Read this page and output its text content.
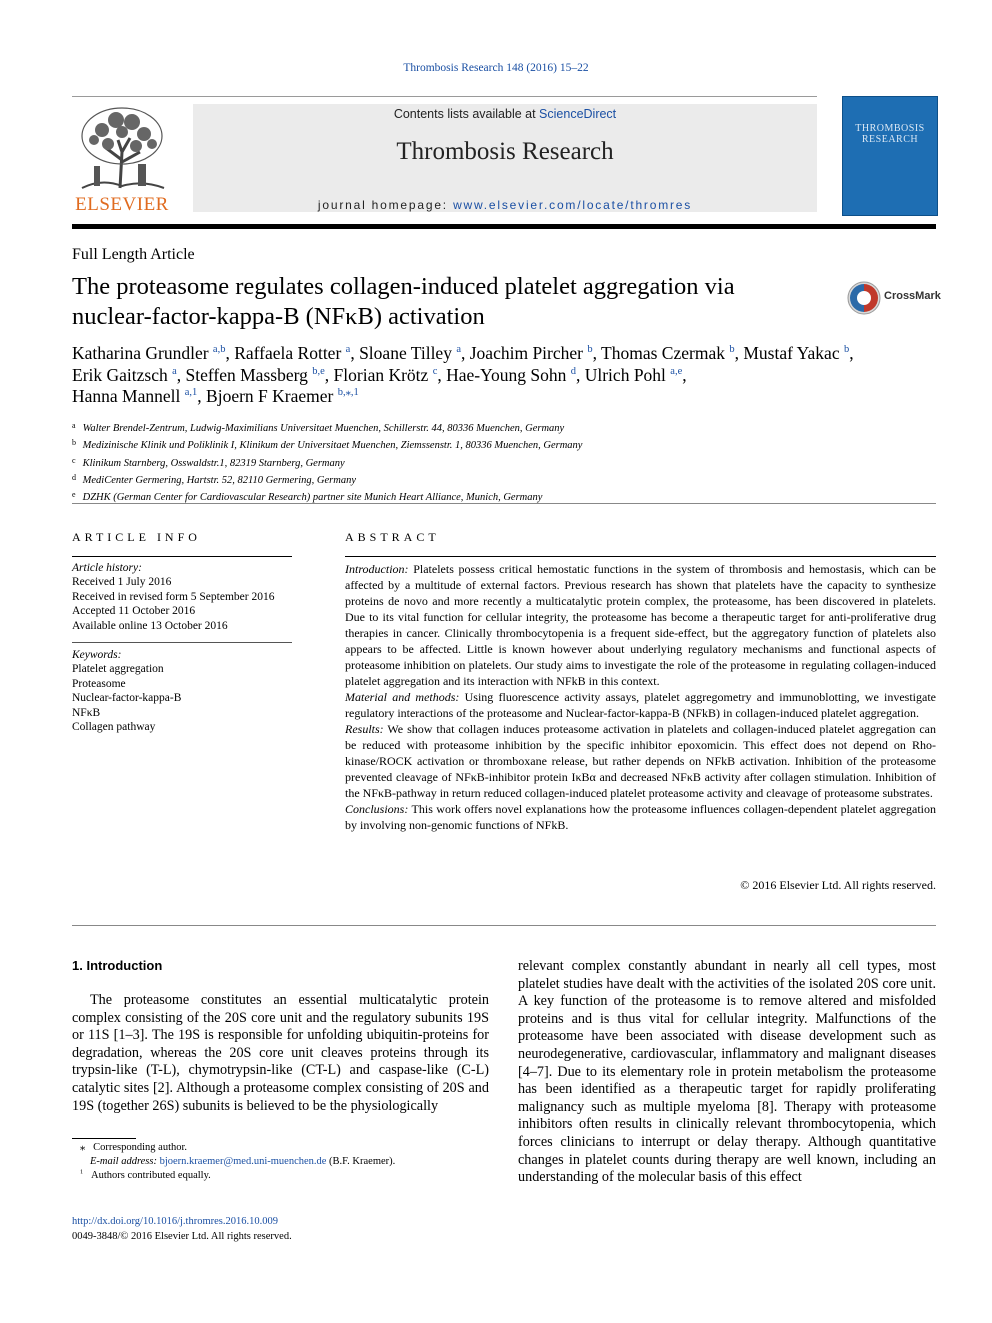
Thrombosis Research 148 (2016) 15–22
ELSEVIER
Contents lists available at ScienceDirect
Thrombosis Research
journal homepage: www.elsevier.com/locate/thromres
THROMBOSIS RESEARCH
Full Length Article
The proteasome regulates collagen-induced platelet aggregation via
nuclear-factor-kappa-B (NFκB) activation
CrossMark
Katharina Grundler $^{a,b}$, Raffaela Rotter $^a$, Sloane Tilley $^a$, Joachim Pircher $^b$, Thomas Czermak $^b$, Mustaf Yakac $^b$,
Erik Gaitzsch $^a$, Steffen Massberg $^{b,e}$, Florian Krötz $^c$, Hae-Young Sohn $^d$, Ulrich Pohl $^{a,e}$,
Hanna Mannell $^{a,1}$, Bjoern F Kraemer $^{b,⁎,1}$
a Walter Brendel-Zentrum, Ludwig-Maximilians Universitaet Muenchen, Schillerstr. 44, 80336 Muenchen, Germany
b Medizinische Klinik und Poliklinik I, Klinikum der Universitaet Muenchen, Ziemssenstr. 1, 80336 Muenchen, Germany
c Klinikum Starnberg, Osswaldstr.1, 82319 Starnberg, Germany
d MediCenter Germering, Hartstr. 52, 82110 Germering, Germany
e DZHK (German Center for Cardiovascular Research) partner site Munich Heart Alliance, Munich, Germany
ARTICLE INFO
Article history:
Received 1 July 2016
Received in revised form 5 September 2016
Accepted 11 October 2016
Available online 13 October 2016
Keywords:
Platelet aggregation
Proteasome
Nuclear-factor-kappa-B
NFκB
Collagen pathway
ABSTRACT

Introduction: Platelets possess critical hemostatic functions in the system of thrombosis and hemostasis, which can be affected by a multitude of external factors. Previous research has shown that platelets have the capacity to synthesize proteins de novo and more recently a multicatalytic protein complex, the proteasome, has been discovered in platelets. Due to its vital function for cellular integrity, the proteasome has become a therapeutic target for anti-proliferative drug therapies in cancer. Clinically thrombocytopenia is a frequent side-effect, but the aggregatory function of platelets also appears to be affected. Little is known however about underlying regulatory mechanisms and functional aspects of proteasome inhibition on platelets. Our study aims to investigate the role of the proteasome in regulating collagen-induced platelet aggregation and its interaction with NFkB in this context.

Material and methods: Using fluorescence activity assays, platelet aggregometry and immunoblotting, we investigate regulatory interactions of the proteasome and Nuclear-factor-kappa-B (NFkB) in collagen-induced platelet aggregation.

Results: We show that collagen induces proteasome activation in platelets and collagen-induced platelet aggregation can be reduced with proteasome inhibition by the specific inhibitor epoxomicin. This effect does not depend on Rho-kinase/ROCK activation or thromboxane release, but rather depends on NFkB activation. Inhibition of the proteasome prevented cleavage of NFκB-inhibitor protein IκBα and decreased NFκB activity after collagen stimulation. Inhibition of the NFκB-pathway in return reduced collagen-induced platelet proteasome activity and cleavage of proteasome substrates.

Conclusions: This work offers novel explanations how the proteasome influences collagen-dependent platelet aggregation by involving non-genomic functions of NFkB.

© 2016 Elsevier Ltd. All rights reserved.
1. Introduction

The proteasome constitutes an essential multicatalytic protein complex consisting of the 20S core unit and the regulatory subunits 19S or 11S [1–3]. The 19S is responsible for unfolding ubiquitin-proteins for degradation, whereas the 20S core unit cleaves proteins through its trypsin-like (T-L), chymotrypsin-like (CT-L) and caspase-like (C-L) catalytic sites [2]. Although a proteasome complex consisting of 20S and 19S (together 26S) subunits is believed to be the physiologically

relevant complex constantly abundant in nearly all cell types, most platelet studies have dealt with the activities of the isolated 20S core unit. A key function of the proteasome is to remove altered and misfolded proteins and is thus vital for cellular integrity. Malfunctions of the proteasome have been associated with disease development such as neurodegenerative, cardiovascular, inflammatory and malignant diseases [4–7]. Due to its elementary role in protein metabolism the proteasome has been identified as a therapeutic target for rapidly proliferating malignancy such as multiple myeloma [8]. Therapy with proteasome inhibitors often results in clinically relevant thrombocytopenia, which forces clinicians to interrupt or delay therapy. Although quantitative changes in platelet counts during therapy are well known, including an understanding of the molecular basis of this effect

⁎ Corresponding author.
E-mail address: bjoern.kraemer@med.uni-muenchen.de (B.F. Kraemer).
$^1$ Authors contributed equally.
http://dx.doi.org/10.1016/j.thromres.2016.10.009
0049-3848/© 2016 Elsevier Ltd. All rights reserved.
